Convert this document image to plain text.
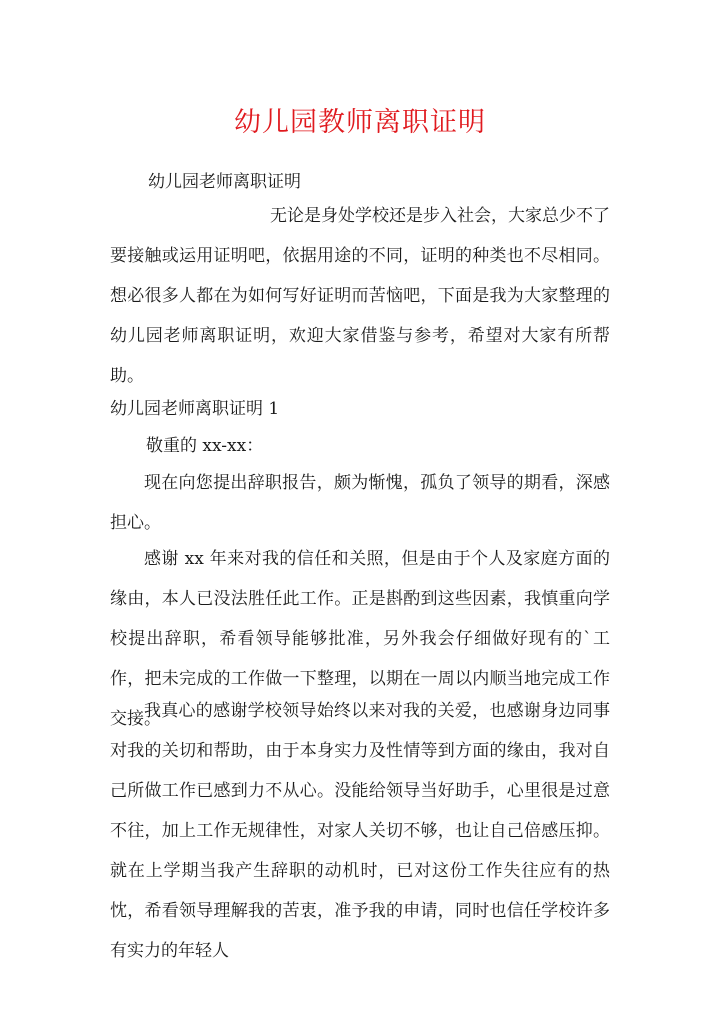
幼儿园教师离职证明
幼儿园老师离职证明
无论是身处学校还是步入社会，大家总少不了要接触或运用证明吧，依据用途的不同，证明的种类也不尽相同。想必很多人都在为如何写好证明而苦恼吧，下面是我为大家整理的幼儿园老师离职证明，欢迎大家借鉴与参考，希望对大家有所帮助。
幼儿园老师离职证明 1
敬重的 xx-xx：
现在向您提出辞职报告，颇为惭愧，孤负了领导的期看，深感担心。
感谢 xx 年来对我的信任和关照，但是由于个人及家庭方面的缘由，本人已没法胜任此工作。正是斟酌到这些因素，我慎重向学校提出辞职，希看领导能够批准，另外我会仔细做好现有的`工作，把未完成的工作做一下整理，以期在一周以内顺当地完成工作交接。
我真心的感谢学校领导始终以来对我的关爱，也感谢身边同事对我的关切和帮助，由于本身实力及性情等到方面的缘由，我对自己所做工作已感到力不从心。没能给领导当好助手，心里很是过意不往，加上工作无规律性，对家人关切不够，也让自己倍感压抑。就在上学期当我产生辞职的动机时，已对这份工作失往应有的热忱，希看领导理解我的苦衷，准予我的申请，同时也信任学校许多有实力的年轻人
